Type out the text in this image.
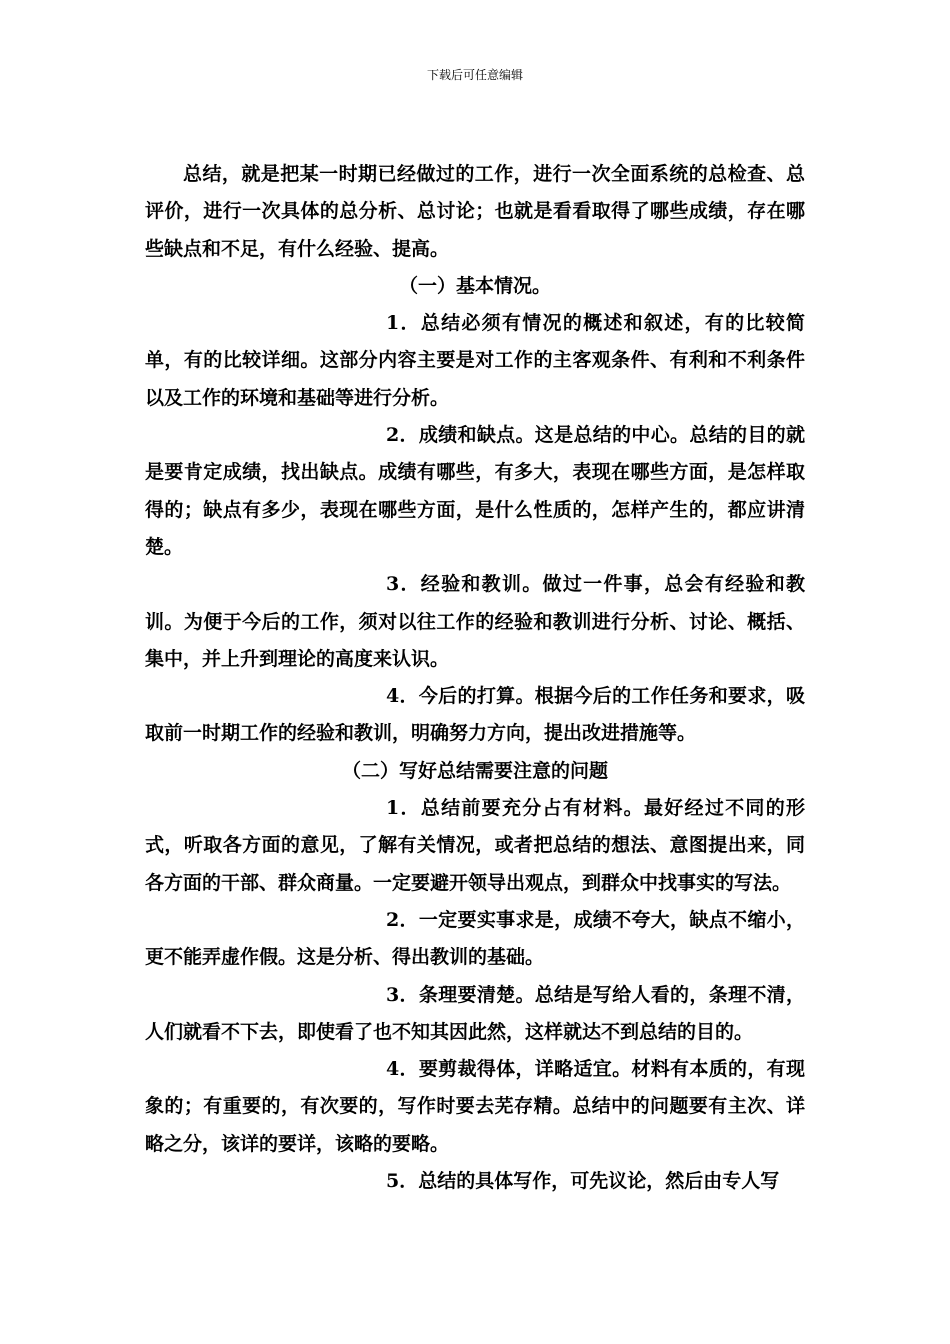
下载后可任意编辑

总结，就是把某一时期已经做过的工作，进行一次全面系统的总检查、总评价，进行一次具体的总分析、总讨论；也就是看看取得了哪些成绩，存在哪些缺点和不足，有什么经验、提高。

（一）基本情况。

1．总结必须有情况的概述和叙述，有的比较简单，有的比较详细。这部分内容主要是对工作的主客观条件、有利和不利条件以及工作的环境和基础等进行分析。

2．成绩和缺点。这是总结的中心。总结的目的就是要肯定成绩，找出缺点。成绩有哪些，有多大，表现在哪些方面，是怎样取得的；缺点有多少，表现在哪些方面，是什么性质的，怎样产生的，都应讲清楚。

3．经验和教训。做过一件事，总会有经验和教训。为便于今后的工作，须对以往工作的经验和教训进行分析、讨论、概括、集中，并上升到理论的高度来认识。

4．今后的打算。根据今后的工作任务和要求，吸取前一时期工作的经验和教训，明确努力方向，提出改进措施等。

（二）写好总结需要注意的问题

1．总结前要充分占有材料。最好经过不同的形式，听取各方面的意见，了解有关情况，或者把总结的想法、意图提出来，同各方面的干部、群众商量。一定要避开领导出观点，到群众中找事实的写法。

2．一定要实事求是，成绩不夸大，缺点不缩小，更不能弄虚作假。这是分析、得出教训的基础。

3．条理要清楚。总结是写给人看的，条理不清，人们就看不下去，即使看了也不知其因此然，这样就达不到总结的目的。

4．要剪裁得体，详略适宜。材料有本质的，有现象的；有重要的，有次要的，写作时要去芜存精。总结中的问题要有主次、详略之分，该详的要详，该略的要略。

5．总结的具体写作，可先议论，然后由专人写
